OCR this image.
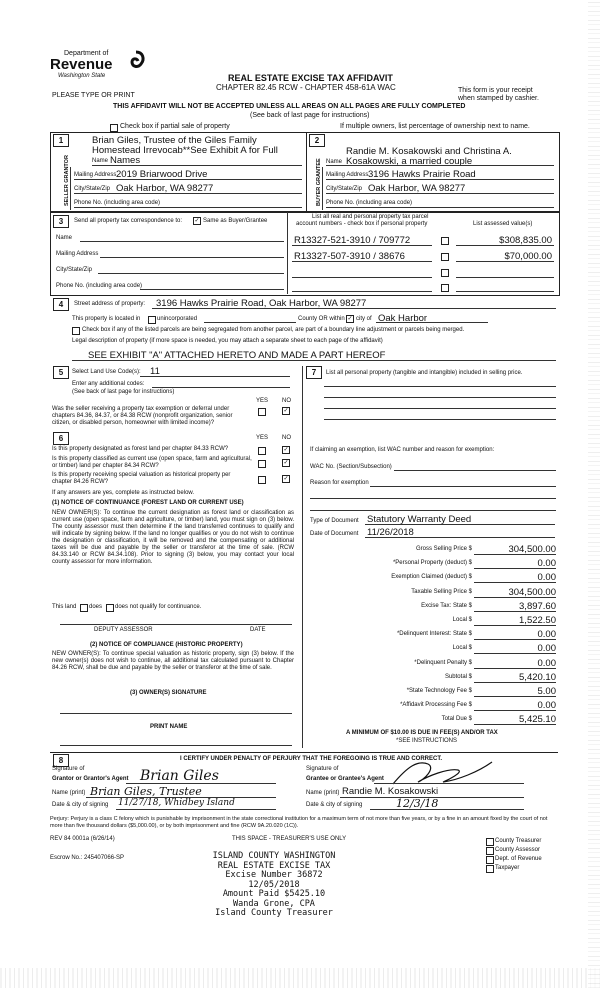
Department of
Revenue
Washington State
PLEASE TYPE OR PRINT
REAL ESTATE EXCISE TAX AFFIDAVIT
CHAPTER 82.45 RCW - CHAPTER 458-61A WAC	This form is your receipt
when stamped by cashier.
THIS AFFIDAVIT WILL NOT BE ACCEPTED UNLESS ALL AREAS ON ALL PAGES ARE FULLY COMPLETED
(See back of last page for instructions)
Check box if partial sale of property	If multiple owners, list percentage of ownership next to name.
1	2
Brian Giles, Trustee of the Giles Family
Homestead Irrevocab**See Exhibit A for Full
Name Names
SELLER GRANTOR Mailing Address 2019 Briarwood Drive
City/State/Zip Oak Harbor, WA 98277
Phone No. (including area code)
Randie M. Kosakowski and Christina A.
Name Kosakowski, a married couple
BUYER GRANTEE Mailing Address 3196 Hawks Prairie Road
City/State/Zip Oak Harbor, WA 98277
Phone No. (including area code)
3	Send all property tax correspondence to: ✓ Same as Buyer/Grantee
Name
Mailing Address
City/State/Zip
Phone No. (including area code)
List all real and personal property tax parcel
account numbers - check box if personal property	List assessed value(s)
R13327-521-3910 / 709772	$308,835.00
R13327-507-3910 / 38676	$70,000.00
4	Street address of property: 3196 Hawks Prairie Road, Oak Harbor, WA 98277
This property is located in	unincorporated	County OR within ✓ city of Oak Harbor
Check box if any of the listed parcels are being segregated from another parcel, are part of a boundary line adjustment or parcels being merged.
Legal description of property (if more space is needed, you may attach a separate sheet to each page of the affidavit)
SEE EXHIBIT "A" ATTACHED HERETO AND MADE A PART HEREOF
5	Select Land Use Code(s): 11
Enter any additional codes:
(See back of last page for instructions)
YES NO
Was the seller receiving a property tax exemption or deferral under chapters 84.36, 84.37, or 84.38 RCW (nonprofit organization, senior citizen, or disabled person, homeowner with limited income)?
✓
6	YES NO
Is this property designated as forest land per chapter 84.33 RCW?	✓
Is this property classified as current use (open space, farm and agricultural, or timber) land per chapter 84.34 RCW?	✓
Is this property receiving special valuation as historical property per chapter 84.26 RCW?	✓
If any answers are yes, complete as instructed below.
(1) NOTICE OF CONTINUANCE (FOREST LAND OR CURRENT USE)
NEW OWNER(S): To continue the current designation as forest land or classification as current use (open space, farm and agriculture, or timber) land, you must sign on (3) below. The county assessor must then determine if the land transferred continues to qualify and will indicate by signing below. If the land no longer qualifies or you do not wish to continue the designation or classification, it will be removed and the compensating or additional taxes will be due and payable by the seller or transferor at the time of sale. (RCW 84.33.140 or RCW 84.34.108). Prior to signing (3) below, you may contact your local county assessor for more information.
This land does does not qualify for continuance.
DEPUTY ASSESSOR	DATE
(2) NOTICE OF COMPLIANCE (HISTORIC PROPERTY)
NEW OWNER(S): To continue special valuation as historic property, sign (3) below. If the new owner(s) does not wish to continue, all additional tax calculated pursuant to Chapter 84.26 RCW, shall be due and payable by the seller or transferor at the time of sale.
(3) OWNER(S) SIGNATURE
PRINT NAME
7	List all personal property (tangible and intangible) included in selling price.
If claiming an exemption, list WAC number and reason for exemption:
WAC No. (Section/Subsection)
Reason for exemption
Type of Document Statutory Warranty Deed
Date of Document 11/26/2018
Gross Selling Price $	304,500.00
*Personal Property (deduct) $	0.00
Exemption Claimed (deduct) $	0.00
Taxable Selling Price $	304,500.00
Excise Tax: State $	3,897.60
Local $	1,522.50
*Delinquent Interest: State $	0.00
Local $	0.00
*Delinquent Penalty $	0.00
Subtotal $	5,420.10
*State Technology Fee $	5.00
*Affidavit Processing Fee $	0.00
Total Due $	5,425.10
A MINIMUM OF $10.00 IS DUE IN FEE(S) AND/OR TAX
*SEE INSTRUCTIONS
8	I CERTIFY UNDER PENALTY OF PERJURY THAT THE FOREGOING IS TRUE AND CORRECT.
Signature of
Grantor or Grantor's Agent Brian Giles
Name (print) Brian Giles, Trustee
Date & city of signing 11/27/18, Whidbey Island
Signature of
Grantee or Grantee's Agent
Name (print) Randie M. Kosakowski
Date & city of signing	12/3/18
Perjury: Perjury is a class C felony which is punishable by imprisonment in the state correctional institution for a maximum term of not more than five years, or by a fine in an amount fixed by the court of not more than five thousand dollars ($5,000.00), or by both imprisonment and fine (RCW 9A.20.020 (1C)).
REV 84 0001a (6/26/14)	THIS SPACE - TREASURER'S USE ONLY
Escrow No.: 245407066-SP	ISLAND COUNTY WASHINGTON
REAL ESTATE EXCISE TAX
Excise Number 36872
12/05/2018
Amount Paid $5425.10
Wanda Grone, CPA
Island County Treasurer
County Treasurer
County Assessor
Dept. of Revenue
Taxpayer
